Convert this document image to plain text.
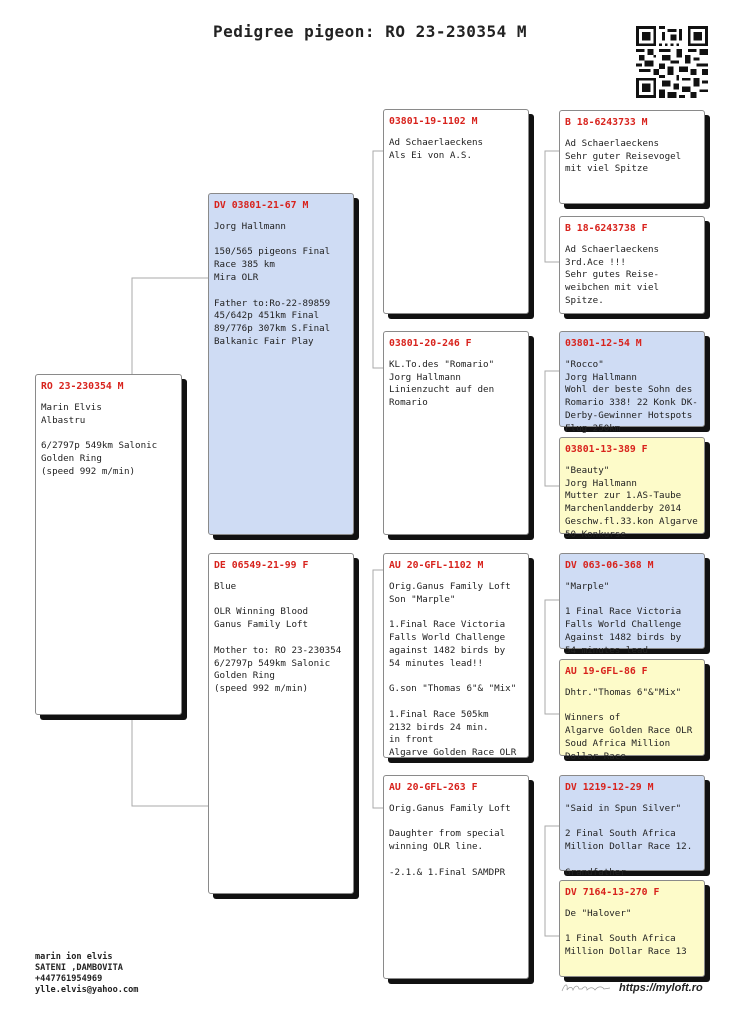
Pedigree pigeon: RO 23-230354 M
RO 23-230354 M
Marin Elvis
Albastru

6/2797p 549km Salonic
Golden Ring
(speed 992 m/min)
DV 03801-21-67 M
Jorg Hallmann

150/565 pigeons Final
Race 385 km
Mira OLR

Father to:Ro-22-89859
45/642p 451km Final
89/776p 307km S.Final
Balkanic Fair Play
DE 06549-21-99 F
Blue

OLR Winning Blood
Ganus Family Loft

Mother to: RO 23-230354
6/2797p 549km Salonic
Golden Ring
(speed 992 m/min)
03801-19-1102 M
Ad Schaerlaeckens
Als Ei von A.S.
03801-20-246 F
KL.To.des "Romario"
Jorg Hallmann
Linienzucht auf den
Romario
AU 20-GFL-1102 M
Orig.Ganus Family Loft
Son "Marple"

1.Final Race Victoria
Falls World Challenge
against 1482 birds by
54 minutes lead!!

G.son "Thomas 6"& "Mix"

1.Final Race 505km
2132 birds 24 min.
in front
Algarve Golden Race OLR
AU 20-GFL-263 F
Orig.Ganus Family Loft

Daughter from special
winning OLR line.

-2.1.& 1.Final SAMDPR
B 18-6243733 M
Ad Schaerlaeckens
Sehr guter Reisevogel
mit viel Spitze
B 18-6243738 F
Ad Schaerlaeckens
3rd.Ace !!!
Sehr gutes Reise-
weibchen mit viel
Spitze.
03801-12-54 M
"Rocco"
Jorg Hallmann
Wohl der beste Sohn des
Romario 338! 22 Konk DK-
Derby-Gewinner Hotspots
Flug 250km
03801-13-389 F
"Beauty"
Jorg Hallmann
Mutter zur 1.AS-Taube
Marchenlandderby 2014
Geschw.fl.33.kon Algarve
50 Konkurse
DV 063-06-368 M
"Marple"

1 Final Race Victoria
Falls World Challenge
Against 1482 birds by
54 minutes lead
AU 19-GFL-86 F
Dhtr."Thomas 6"&"Mix"

Winners of
Algarve Golden Race OLR
Soud Africa Million
Dollar Race
DV 1219-12-29 M
"Said in Spun Silver"

2 Final South Africa
Million Dollar Race 12.

Grandfather
DV 7164-13-270 F
De "Halover"

1 Final South Africa
Million Dollar Race 13
marin ion elvis
SATENI ,DAMBOVITA
+447761954969
ylle.elvis@yahoo.com	https://myloft.ro
